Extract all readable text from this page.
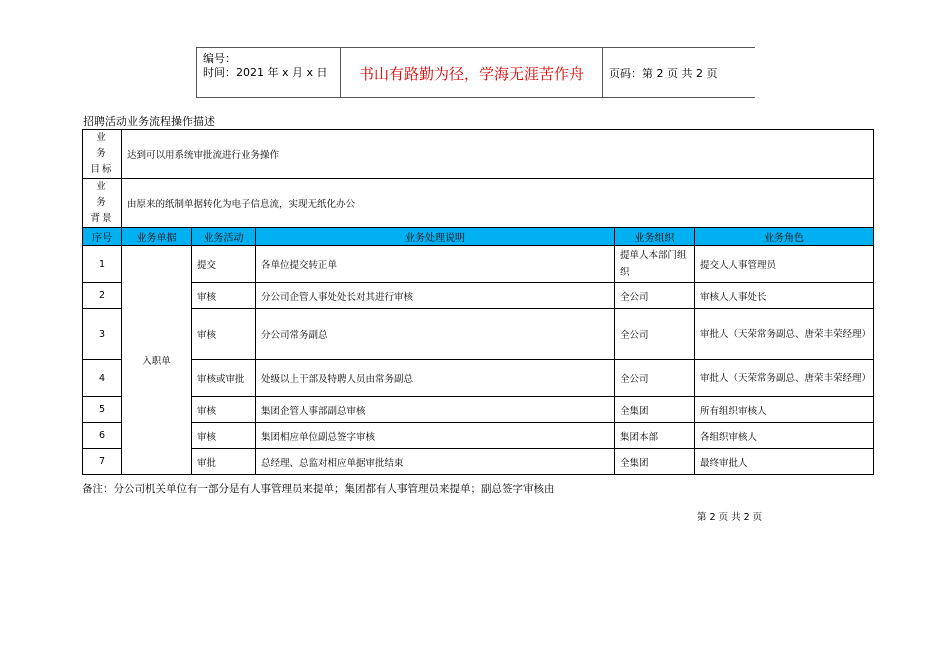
编号：
时间：2021 年 x 月 x 日	书山有路勤为径，学海无涯苦作舟	页码：第 2 页 共 2 页
招聘活动业务流程操作描述
业 务 目标	达到可以用系统审批流进行业务操作				
业 务 背景	由原来的纸制单据转化为电子信息流，实现无纸化办公				
序号	业务单据	业务活动	业务处理说明	业务组织	业务角色
1	入职单	提交	各单位提交转正单	提单人本部门组织	提交人人事管理员
2		审核	分公司企管人事处处长对其进行审核	全公司	审核人人事处长
3		审核	分公司常务副总	全公司	审批人（天荣常务副总、唐荣丰荣经理）
4		审核或审批	处级以上干部及特聘人员由常务副总	全公司	审批人（天荣常务副总、唐荣丰荣经理）
5		审核	集团企管人事部副总审核	全集团	所有组织审核人
6		审核	集团相应单位副总签字审核	集团本部	各组织审核人
7		审批	总经理、总监对相应单据审批结束	全集团	最终审批人
备注：分公司机关单位有一部分是有人事管理员来提单；集团都有人事管理员来提单；副总签字审核由
第 2 页 共 2 页
